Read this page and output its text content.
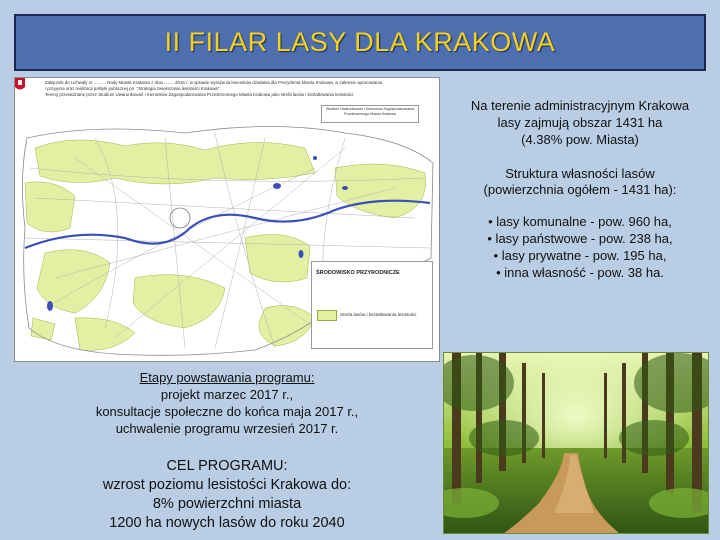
II FILAR LASY DLA KRAKOWA
Załącznik do Uchwały nr .......... Rady Miasta Krakowa z dnia ........ 2016 r. w sprawie wyrażenia kierunków działania dla Prezydenta Miasta Krakowa, w zakresie opracowania
i przyjęcia oraz realizacji polityki publicznej pn. "Strategia zwiększania lesistości Krakowa"
Tereny przewidziane przez Studium Uwarunkowań i Kierunków Zagospodarowania Przestrzennego Miasta Krakowa jako strefa lasów i kształtowania lesistości.
Studium Uwarunkowań i Kierunków Zagospodarowania Przestrzennego Miasta Krakowa
ŚRODOWISKO PRZYRODNICZE
Strefa lasów i kształtowania lesistości
Na terenie administracyjnym Krakowa
lasy zajmują obszar 1431 ha
(4.38% pow. Miasta)
Struktura własności lasów
(powierzchnia ogółem - 1431 ha):
• lasy komunalne - pow. 960 ha,
• lasy państwowe - pow. 238 ha,
• lasy prywatne - pow. 195 ha,
• inna własność - pow. 38 ha.
Etapy powstawania programu:
projekt marzec 2017 r.,
konsultacje społeczne do końca maja 2017 r.,
uchwalenie programu wrzesień 2017 r.
CEL PROGRAMU:
wzrost poziomu lesistości Krakowa do:
8% powierzchni miasta
1200 ha nowych lasów do roku 2040
